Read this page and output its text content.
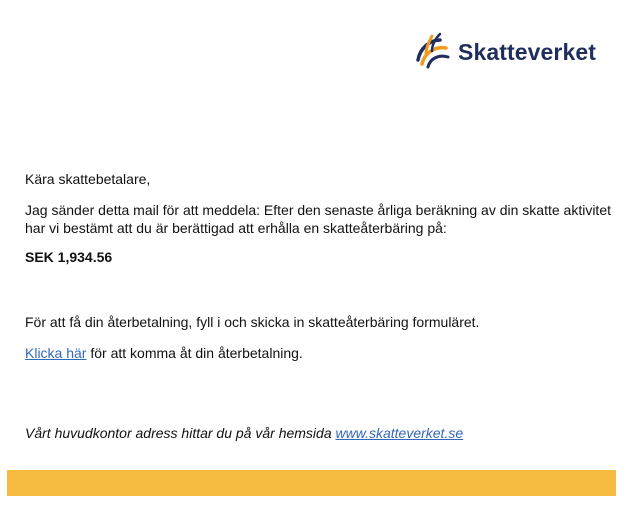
Skatteverket
Kära skattebetalare,
Jag sänder detta mail för att meddela: Efter den senaste årliga beräkning av din skatte aktivitet
har vi bestämt att du är berättigad att erhålla en skatteåterbäring på:
SEK 1,934.56
För att få din återbetalning, fyll i och skicka in skatteåterbäring formuläret.
Klicka här för att komma åt din återbetalning.
Vårt huvudkontor adress hittar du på vår hemsida www.skatteverket.se
